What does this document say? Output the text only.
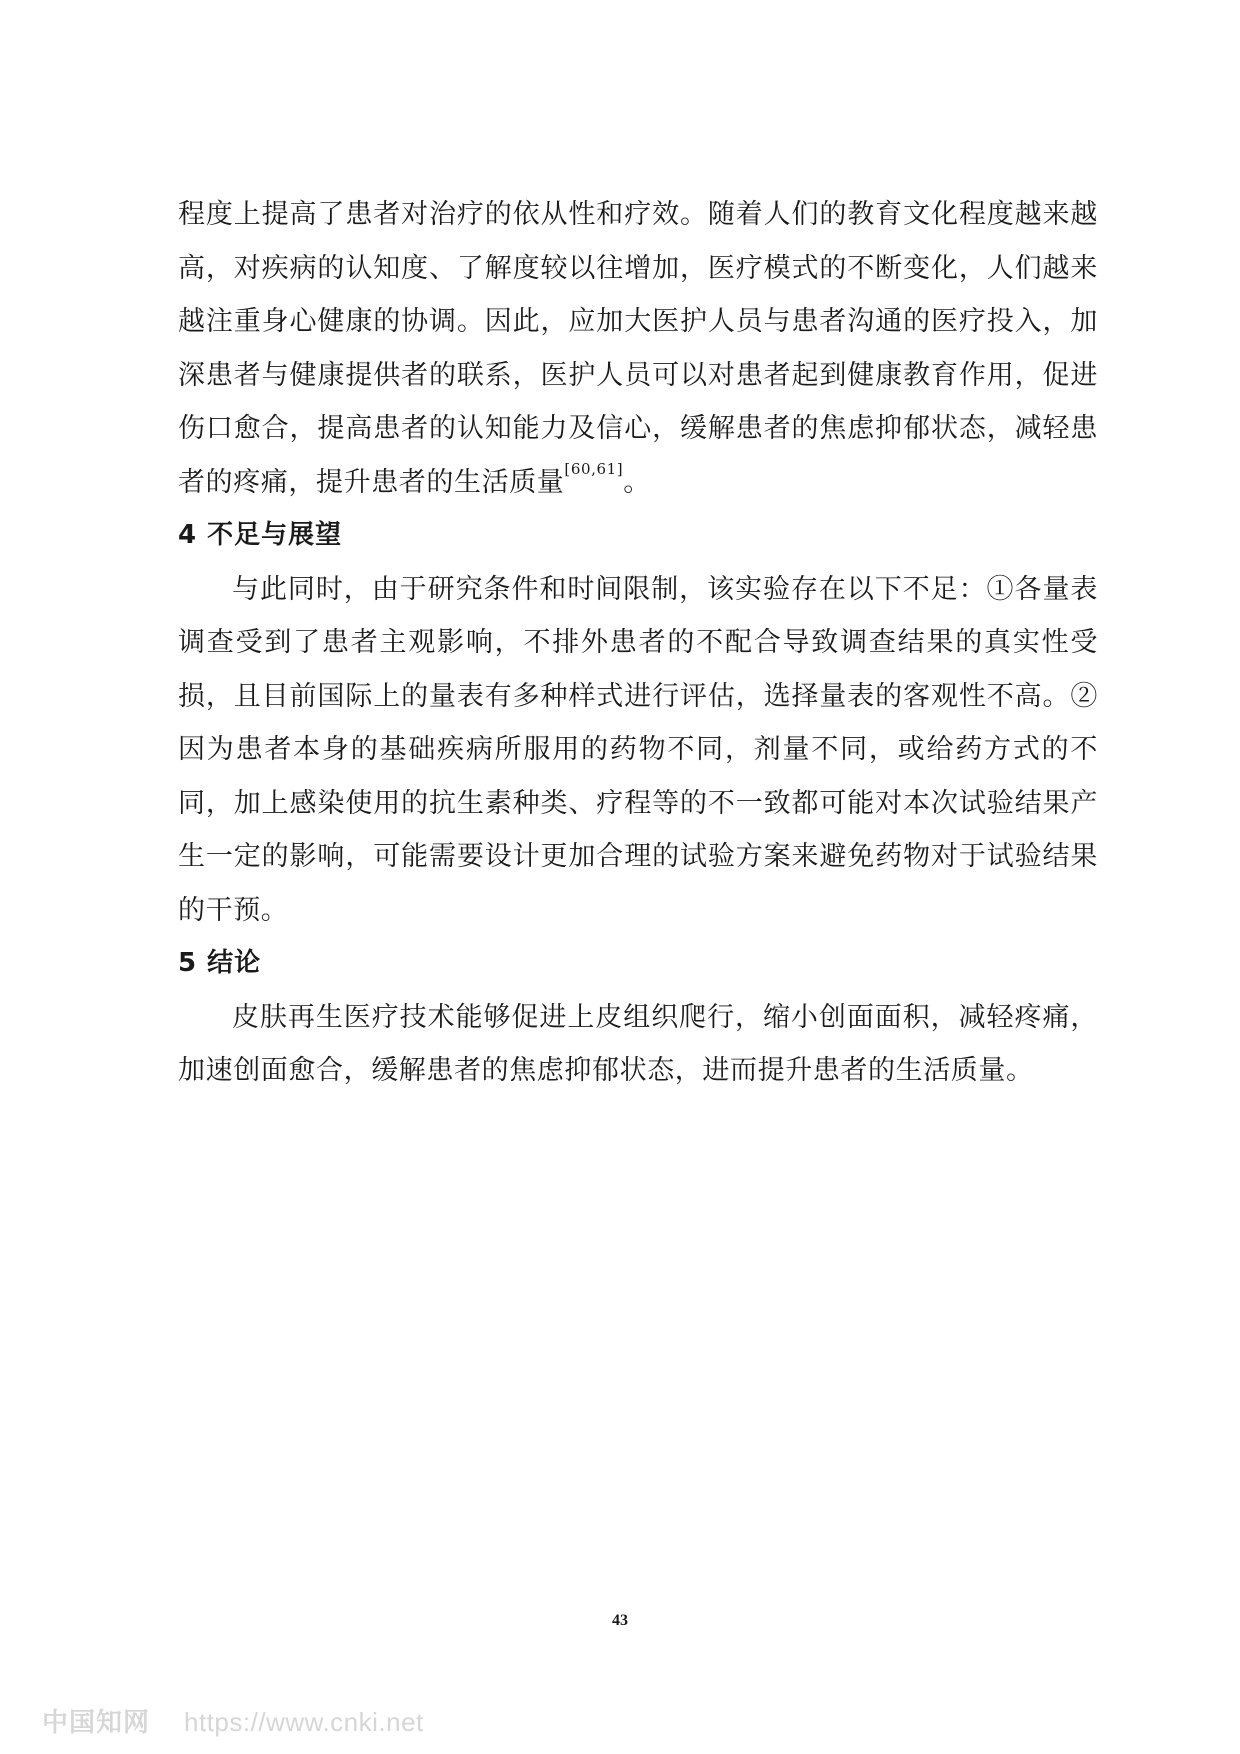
程度上提高了患者对治疗的依从性和疗效。随着人们的教育文化程度越来越高，对疾病的认知度、了解度较以往增加，医疗模式的不断变化，人们越来越注重身心健康的协调。因此，应加大医护人员与患者沟通的医疗投入，加深患者与健康提供者的联系，医护人员可以对患者起到健康教育作用，促进伤口愈合，提高患者的认知能力及信心，缓解患者的焦虑抑郁状态，减轻患者的疼痛，提升患者的生活质量[60,61]。

4 不足与展望

与此同时，由于研究条件和时间限制，该实验存在以下不足：①各量表调查受到了患者主观影响，不排外患者的不配合导致调查结果的真实性受损，且目前国际上的量表有多种样式进行评估，选择量表的客观性不高。②因为患者本身的基础疾病所服用的药物不同，剂量不同，或给药方式的不同，加上感染使用的抗生素种类、疗程等的不一致都可能对本次试验结果产生一定的影响，可能需要设计更加合理的试验方案来避免药物对于试验结果的干预。

5 结论

皮肤再生医疗技术能够促进上皮组织爬行，缩小创面面积，减轻疼痛，加速创面愈合，缓解患者的焦虑抑郁状态，进而提升患者的生活质量。

43
中国知网 https://www.cnki.net
